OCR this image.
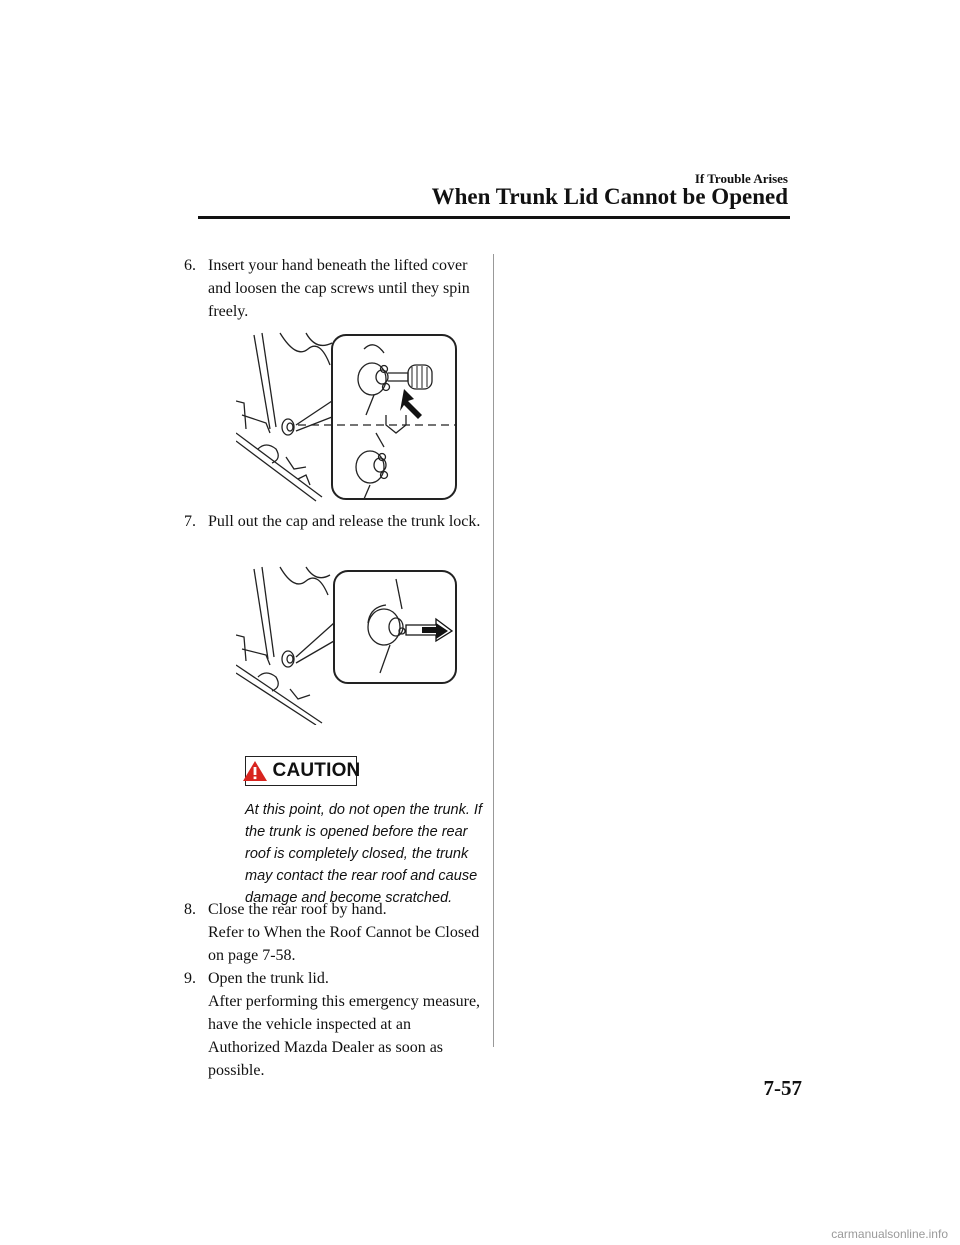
If Trouble Arises
When Trunk Lid Cannot be Opened
6. Insert your hand beneath the lifted cover and loosen the cap screws until they spin freely.
7. Pull out the cap and release the trunk lock.
CAUTION
At this point, do not open the trunk. If the trunk is opened before the rear roof is completely closed, the trunk may contact the rear roof and cause damage and become scratched.
8. Close the rear roof by hand.
Refer to When the Roof Cannot be Closed on page 7-58.
9. Open the trunk lid.
After performing this emergency measure, have the vehicle inspected at an Authorized Mazda Dealer as soon as possible.
7-57
carmanualsonline.info
